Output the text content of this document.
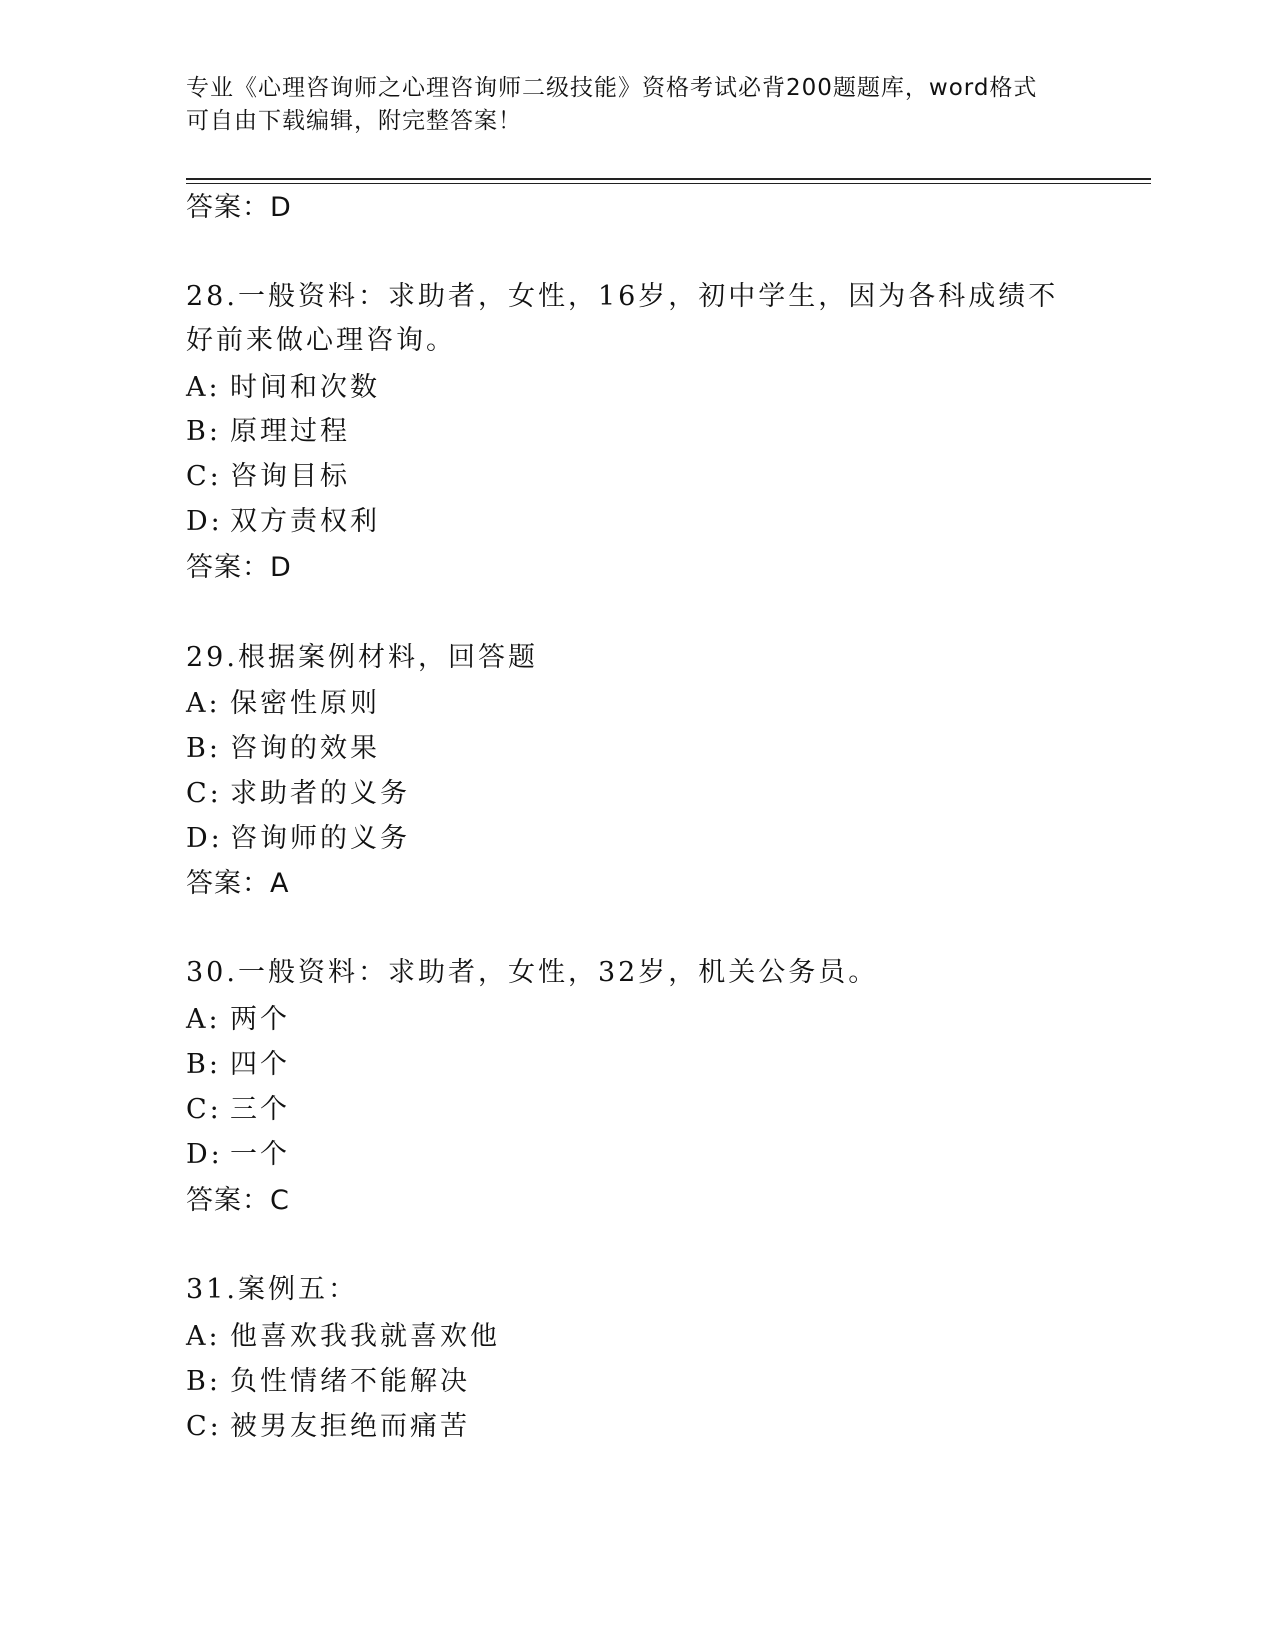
专业《心理咨询师之心理咨询师二级技能》资格考试必背200题题库，word格式

可自由下载编辑，附完整答案！

答案：D
28.一般资料：求助者，女性，16岁，初中学生，因为各科成绩不好前来做心理咨询。
A: 时间和次数
B: 原理过程
C: 咨询目标
D: 双方责权利
答案：D
29.根据案例材料，回答题
A: 保密性原则
B: 咨询的效果
C: 求助者的义务
D: 咨询师的义务
答案：A
30.一般资料：求助者，女性，32岁，机关公务员。
A: 两个
B: 四个
C: 三个
D: 一个
答案：C
31.案例五：
A: 他喜欢我我就喜欢他
B: 负性情绪不能解决
C: 被男友拒绝而痛苦
